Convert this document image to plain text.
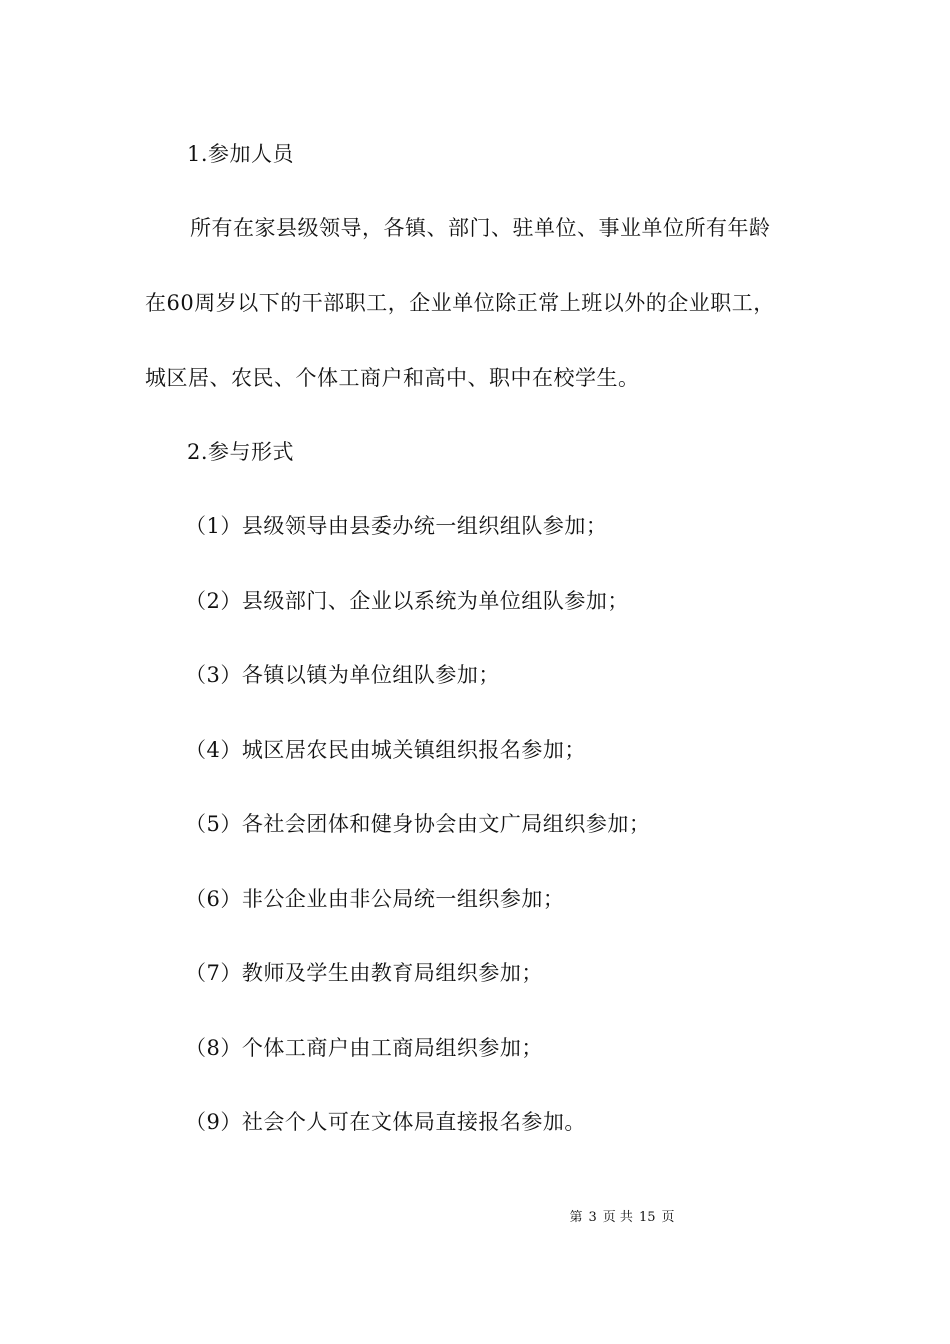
1.参加人员
所有在家县级领导，各镇、部门、驻单位、事业单位所有年龄
在60周岁以下的干部职工，企业单位除正常上班以外的企业职工，
城区居、农民、个体工商户和高中、职中在校学生。
2.参与形式
（1）县级领导由县委办统一组织组队参加；
（2）县级部门、企业以系统为单位组队参加；
（3）各镇以镇为单位组队参加；
（4）城区居农民由城关镇组织报名参加；
（5）各社会团体和健身协会由文广局组织参加；
（6）非公企业由非公局统一组织参加；
（7）教师及学生由教育局组织参加；
（8）个体工商户由工商局组织参加；
（9）社会个人可在文体局直接报名参加。
第 3 页 共 15 页
